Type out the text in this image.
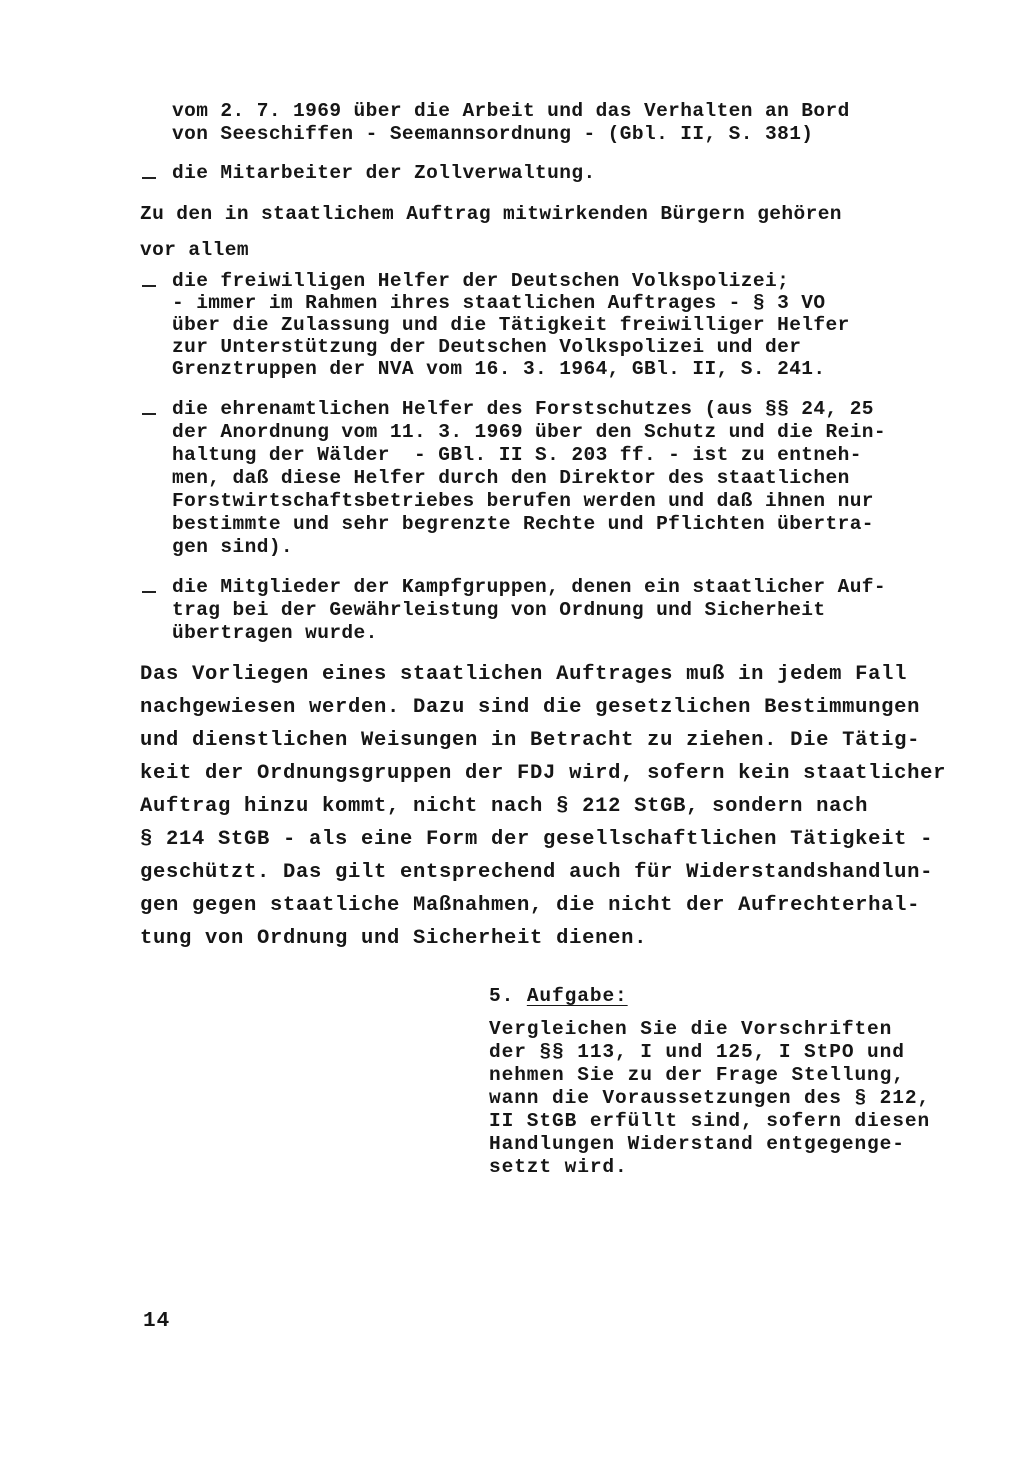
vom 2. 7. 1969 über die Arbeit und das Verhalten an Bord
von Seeschiffen - Seemannsordnung - (Gbl. II, S. 381)
die Mitarbeiter der Zollverwaltung.
Zu den in staatlichem Auftrag mitwirkenden Bürgern gehören
vor allem
die freiwilligen Helfer der Deutschen Volkspolizei;
- immer im Rahmen ihres staatlichen Auftrages - § 3 VO
über die Zulassung und die Tätigkeit freiwilliger Helfer
zur Unterstützung der Deutschen Volkspolizei und der
Grenztruppen der NVA vom 16. 3. 1964, GBl. II, S. 241.
die ehrenamtlichen Helfer des Forstschutzes (aus §§ 24, 25
der Anordnung vom 11. 3. 1969 über den Schutz und die Rein-
haltung der Wälder  - GBl. II S. 203 ff. - ist zu entneh-
men, daß diese Helfer durch den Direktor des staatlichen
Forstwirtschaftsbetriebes berufen werden und daß ihnen nur
bestimmte und sehr begrenzte Rechte und Pflichten übertra-
gen sind).
die Mitglieder der Kampfgruppen, denen ein staatlicher Auf-
trag bei der Gewährleistung von Ordnung und Sicherheit
übertragen wurde.
Das Vorliegen eines staatlichen Auftrages muß in jedem Fall
nachgewiesen werden. Dazu sind die gesetzlichen Bestimmungen
und dienstlichen Weisungen in Betracht zu ziehen. Die Tätig-
keit der Ordnungsgruppen der FDJ wird, sofern kein staatlicher
Auftrag hinzu kommt, nicht nach § 212 StGB, sondern nach
§ 214 StGB - als eine Form der gesellschaftlichen Tätigkeit -
geschützt. Das gilt entsprechend auch für Widerstandshandlun-
gen gegen staatliche Maßnahmen, die nicht der Aufrechterhal-
tung von Ordnung und Sicherheit dienen.
5. Aufgabe:
Vergleichen Sie die Vorschriften
der §§ 113, I und 125, I StPO und
nehmen Sie zu der Frage Stellung,
wann die Voraussetzungen des § 212,
II StGB erfüllt sind, sofern diesen
Handlungen Widerstand entgegenge-
setzt wird.
14
